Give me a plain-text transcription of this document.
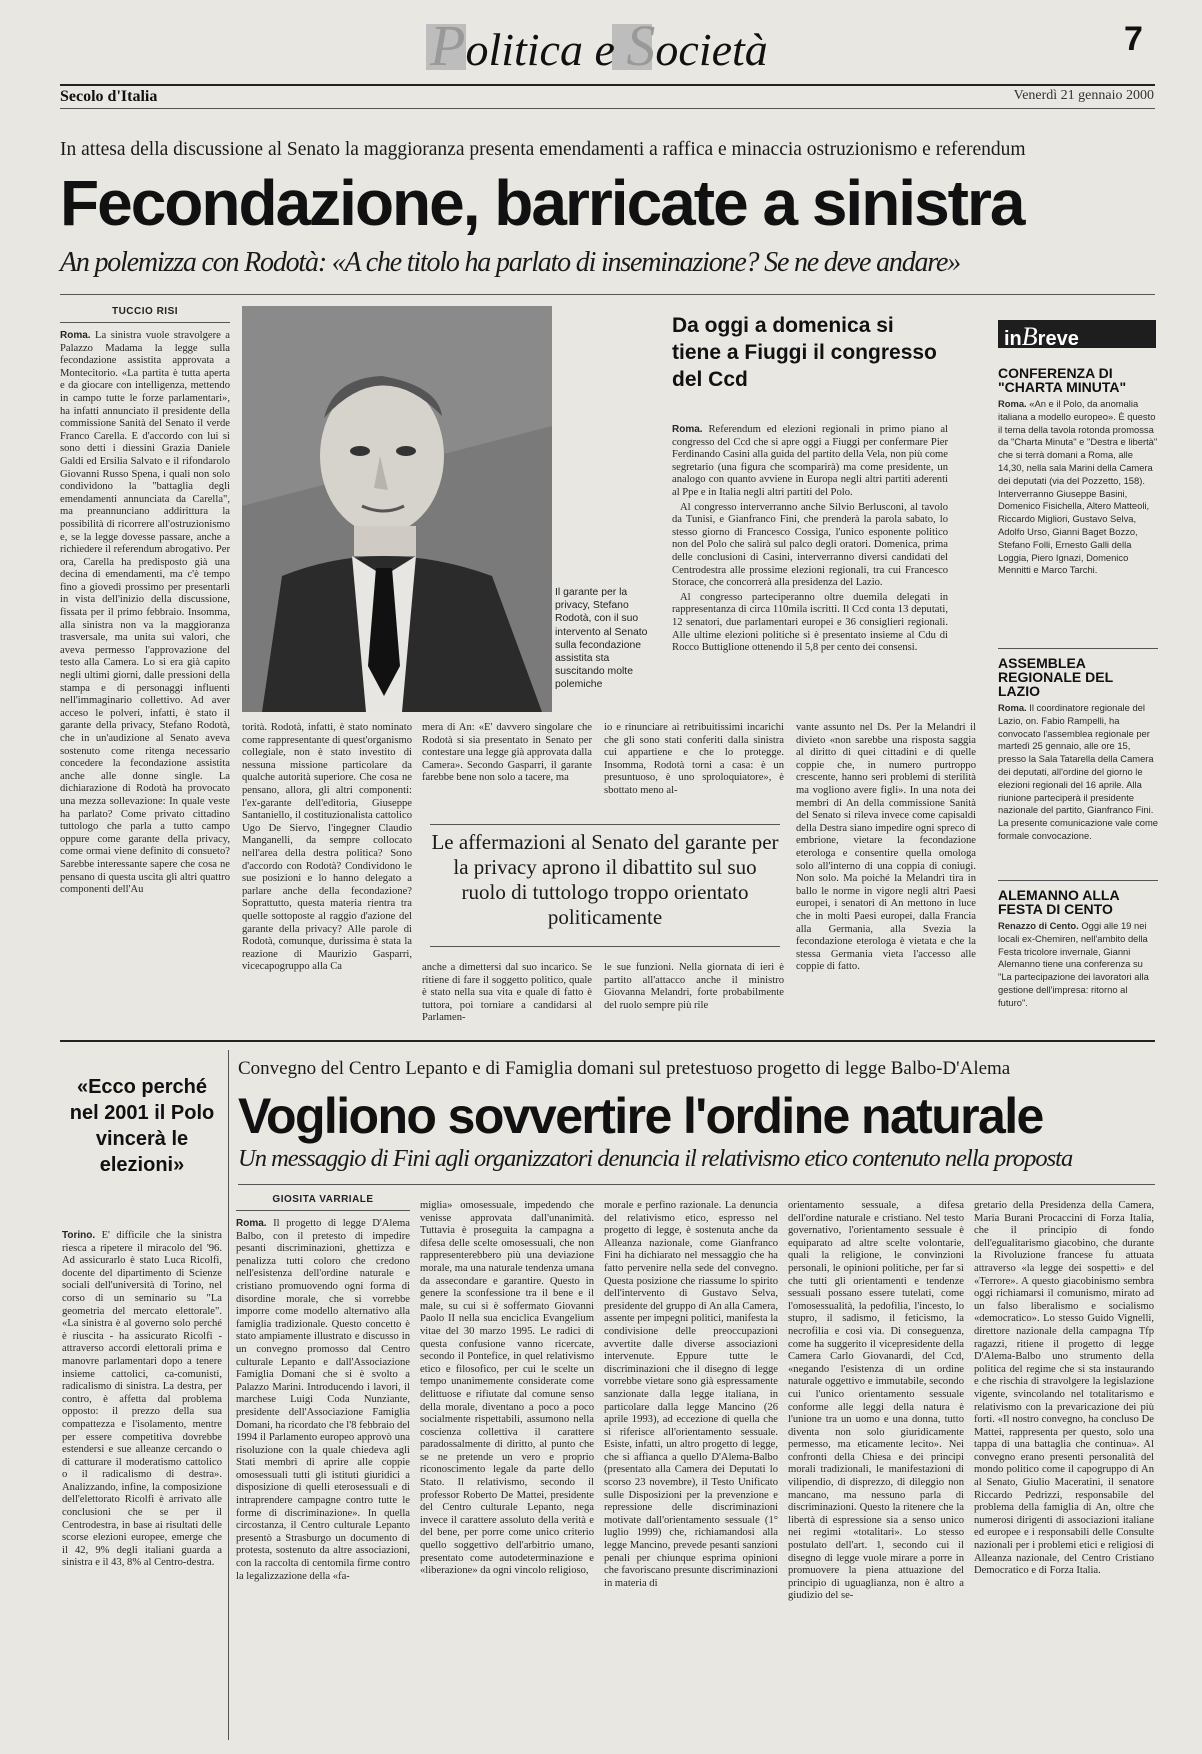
Politica e Società	7
Secolo d'Italia	Venerdì 21 gennaio 2000
In attesa della discussione al Senato la maggioranza presenta emendamenti a raffica e minaccia ostruzionismo e referendum
Fecondazione, barricate a sinistra
An polemizza con Rodotà: «A che titolo ha parlato di inseminazione? Se ne deve andare»
TUCCIO RISI
Roma. La sinistra vuole stravolgere a Palazzo Madama la legge sulla fecondazione assistita approvata a Montecitorio. «La partita è tutta aperta e da giocare con intelligenza, mettendo in campo tutte le forze parlamentari», ha infatti annunciato il presidente della commissione Sanità del Senato il verde Franco Carella. E d'accordo con lui si sono detti i diessini Grazia Daniele Galdi ed Ersilia Salvato e il rifondarolo Giovanni Russo Spena, i quali non solo condividono la "battaglia degli emendamenti annunciata da Carella", ma preannunciano addirittura la possibilità di ricorrere all'ostruzionismo e, se la legge dovesse passare, anche a richiedere il referendum abrogativo. Per ora, Carella ha predisposto già una decina di emendamenti, ma c'è tempo fino a giovedì prossimo per presentarli in vista dell'inizio della discussione, fissata per il primo febbraio. Insomma, alla sinistra non va la maggioranza trasversale, ma unita sui valori, che aveva permesso l'approvazione del testo alla Camera. Lo si era già capito negli ultimi giorni, dalle pressioni della stampa e di personaggi influenti nell'immaginario collettivo. Ad aver acceso le polveri, infatti, è stato il garante della privacy, Stefano Rodotà, che in un'audizione al Senato aveva sostenuto come ritenga necessario concedere la fecondazione assistita anche alle donne single. La dichiarazione di Rodotà ha provocato una mezza sollevazione: In quale veste ha parlato? Come privato cittadino tuttologo che parla a tutto campo oppure come garante della privacy, come ormai viene definito di consueto? Sarebbe interessante sapere che cosa ne pensano di questa uscita gli altri quattro componenti dell'Au
Il garante per la privacy, Stefano Rodotà, con il suo intervento al Senato sulla fecondazione assistita sta suscitando molte polemiche
Da oggi a domenica si tiene a Fiuggi il congresso del Ccd

Roma. Referendum ed elezioni regionali in primo piano al congresso del Ccd che si apre oggi a Fiuggi per confermare Pier Ferdinando Casini alla guida del partito della Vela, non più come segretario (una figura che scomparirà) ma come presidente, un analogo con quanto avviene in Europa negli altri partiti aderenti al Ppe e in Italia negli altri partiti del Polo.

Al congresso interverranno anche Silvio Berlusconi, al tavolo da Tunisi, e Gianfranco Fini, che prenderà la parola sabato, lo stesso giorno di Francesco Cossiga, l'unico esponente politico non del Polo che salirà sul palco degli oratori. Domenica, prima delle conclusioni di Casini, interverranno diversi candidati del Centrodestra alle prossime elezioni regionali, tra cui Francesco Storace, che concorrerà alla presidenza del Lazio.

Al congresso parteciperanno oltre duemila delegati in rappresentanza di circa 110mila iscritti. Il Ccd conta 13 deputati, 12 senatori, due parlamentari europei e 36 consiglieri regionali. Alle ultime elezioni politiche si è presentato insieme al Cdu di Rocco Buttiglione ottenendo il 5,8 per cento dei consensi.

inBreve
CONFERENZA DI "CHARTA MINUTA"
Roma. «An e il Polo, da anomalia italiana a modello europeo». È questo il tema della tavola rotonda promossa da "Charta Minuta" e "Destra e libertà" che si terrà domani a Roma, alle 14,30, nella sala Marini della Camera dei deputati (via del Pozzetto, 158). Interverranno Giuseppe Basini, Domenico Fisichella, Altero Matteoli, Riccardo Migliori, Gustavo Selva, Adolfo Urso, Gianni Baget Bozzo, Stefano Folli, Ernesto Galli della Loggia, Piero Ignazi, Domenico Mennitti e Marco Tarchi.
ASSEMBLEA REGIONALE DEL LAZIO
Roma. Il coordinatore regionale del Lazio, on. Fabio Rampelli, ha convocato l'assemblea regionale per martedì 25 gennaio, alle ore 15, presso la Sala Tatarella della Camera dei deputati, all'ordine del giorno le elezioni regionali del 16 aprile. Alla riunione parteciperà il presidente nazionale del partito, Gianfranco Fini. La presente comunicazione vale come formale convocazione.
ALEMANNO ALLA FESTA DI CENTO
Renazzo di Cento. Oggi alle 19 nei locali ex-Chemiren, nell'ambito della Festa tricolore invernale, Gianni Alemanno tiene una conferenza su "La partecipazione dei lavoratori alla gestione dell'impresa: ritorno al futuro".
torità. Rodotà, infatti, è stato nominato come rappresentante di quest'organismo collegiale, non è stato investito di nessuna missione particolare da qualche autorità superiore. Che cosa ne pensano, allora, gli altri componenti: l'ex-garante dell'editoria, Giuseppe Santaniello, il costituzionalista cattolico Ugo De Siervo, l'ingegner Claudio Manganelli, da sempre collocato nell'area della destra politica? Sono d'accordo con Rodotà? Condividono le sue posizioni e lo hanno delegato a parlare anche della fecondazione? Soprattutto, questa materia rientra tra quelle sottoposte al raggio d'azione del garante della privacy? Alle parole di Rodotà, comunque, durissima è stata la reazione di Maurizio Gasparri, vicecapogruppo alla Ca
mera di An: «E' davvero singolare che Rodotà si sia presentato in Senato per contestare una legge già approvata dalla Camera». Secondo Gasparri, il garante farebbe bene non solo a tacere, ma
io e rinunciare ai retribuitissimi incarichi che gli sono stati conferiti dalla sinistra cui appartiene e che lo protegge. Insomma, Rodotà torni a casa: è un presuntuoso, è uno sproloquiatore», è sbottato meno al-
vante assunto nel Ds. Per la Melandri il divieto «non sarebbe una risposta saggia al diritto di quei cittadini e di quelle coppie che, in numero purtroppo crescente, hanno seri problemi di sterilità ma vogliono avere figli». In una nota dei membri di An della commissione Sanità del Senato si rileva invece come capisaldi della Destra siano impedire ogni spreco di embrione, vietare la fecondazione eterologa e consentire quella omologa solo all'interno di una coppia di coniugi. Non solo. Ma poiché la Melandri tira in ballo le norme in vigore negli altri Paesi europei, i senatori di An mettono in luce che in molti Paesi europei, dalla Francia alla Germania, alla Svezia la fecondazione eterologa è vietata e che la stessa Germania vieta l'accesso alle coppie di fatto.
Le affermazioni al Senato del garante per la privacy aprono il dibattito sul suo ruolo di tuttologo troppo orientato politicamente
anche a dimettersi dal suo incarico. Se ritiene di fare il soggetto politico, quale è stato nella sua vita e quale di fatto è tuttora, poi torniare a candidarsi al Parlamen-
le sue funzioni. Nella giornata di ieri è partito all'attacco anche il ministro Giovanna Melandri, forte probabilmente del ruolo sempre più rile
«Ecco perché nel 2001 il Polo vincerà le elezioni»
Torino. E' difficile che la sinistra riesca a ripetere il miracolo del '96. Ad assicurarlo è stato Luca Ricolfi, docente del dipartimento di Scienze sociali dell'università di Torino, nel corso di un seminario su "La geometria del mercato elettorale". «La sinistra è al governo solo perché è riuscita - ha assicurato Ricolfi - attraverso accordi elettorali prima e manovre parlamentari dopo a tenere insieme cattolici, ca-comunisti, radicalismo di sinistra. La destra, per contro, è affetta dal problema opposto: il prezzo della sua compattezza e l'isolamento, mentre per essere competitiva dovrebbe estendersi e sue alleanze cercando o di catturare il moderatismo cattolico o il radicalismo di destra». Analizzando, infine, la composizione dell'elettorato Ricolfi è arrivato alle conclusioni che se per il Centrodestra, in base ai risultati delle scorse elezioni europee, emerge che il 42, 9% degli italiani guarda a sinistra e il 43, 8% al Centro-destra.
Convegno del Centro Lepanto e di Famiglia domani sul pretestuoso progetto di legge Balbo-D'Alema
Vogliono sovvertire l'ordine naturale
Un messaggio di Fini agli organizzatori denuncia il relativismo etico contenuto nella proposta
GIOSITA VARRIALE
Roma. Il progetto di legge D'Alema Balbo, con il pretesto di impedire pesanti discriminazioni, ghettizza e penalizza tutti coloro che credono nell'esistenza dell'ordine naturale e cristiano promuovendo ogni forma di disordine morale, che si vorrebbe imporre come modello alternativo alla famiglia tradizionale. Questo concetto è stato ampiamente illustrato e discusso in un convegno promosso dal Centro culturale Lepanto e dall'Associazione Famiglia Domani che si è svolto a Palazzo Marini. Introducendo i lavori, il marchese Luigi Coda Nunziante, presidente dell'Associazione Famiglia Domani, ha ricordato che l'8 febbraio del 1994 il Parlamento europeo approvò una risoluzione con la quale chiedeva agli Stati membri di aprire alle coppie omosessuali tutti gli istituti giuridici a disposizione di quelli eterosessuali e di intraprendere campagne contro tutte le forme di discriminazione». In quella circostanza, il Centro culturale Lepanto presentò a Strasburgo un documento di protesta, sostenuto da altre associazioni, con la raccolta di centomila firme contro la legalizzazione della «fa-
miglia» omosessuale, impedendo che venisse approvata dall'unanimità. Tuttavia è proseguita la campagna a difesa delle scelte omosessuali, che non rappresenterebbero più una deviazione morale, ma una naturale tendenza umana da assecondare e garantire. Questo in genere la sconfessione tra il bene e il male, su cui si è soffermato Giovanni Paolo II nella sua enciclica Evangelium vitae del 30 marzo 1995. Le radici di questa confusione vanno ricercate, secondo il Pontefice, in quel relativismo etico e filosofico, per cui le scelte un tempo unanimemente considerate come delittuose e rifiutate dal comune senso della morale, diventano a poco a poco socialmente rispettabili, assumono nella coscienza collettiva il carattere paradossalmente di diritto, al punto che se ne pretende un vero e proprio riconoscimento legale da parte dello Stato. Il relativismo, secondo il professor Roberto De Mattei, presidente del Centro culturale Lepanto, nega invece il carattere assoluto della verità e del bene, per porre come unico criterio quello soggettivo dell'arbitrio umano, presentato come autodeterminazione e «liberazione» da ogni vincolo religioso,
morale e perfino razionale. La denuncia del relativismo etico, espresso nel progetto di legge, è sostenuta anche da Alleanza nazionale, come Gianfranco Fini ha dichiarato nel messaggio che ha fatto pervenire nella sede del convegno. Questa posizione che riassume lo spirito dell'intervento di Gustavo Selva, presidente del gruppo di An alla Camera, assente per impegni politici, manifesta la condivisione delle preoccupazioni avvertite dalle diverse associazioni intervenute. Eppure tutte le discriminazioni che il disegno di legge vorrebbe vietare sono già espressamente sanzionate dalla legge italiana, in particolare dalla legge Mancino (26 aprile 1993), ad eccezione di quella che si riferisce all'orientamento sessuale. Esiste, infatti, un altro progetto di legge, che si affianca a quello D'Alema-Balbo (presentato alla Camera dei Deputati lo scorso 23 novembre), il Testo Unificato sulle Disposizioni per la prevenzione e repressione delle discriminazioni motivate dall'orientamento sessuale (1° luglio 1999) che, richiamandosi alla legge Mancino, prevede pesanti sanzioni penali per chiunque esprima opinioni che favoriscano presunte discriminazioni in materia di
orientamento sessuale, a difesa dell'ordine naturale e cristiano. Nel testo governativo, l'orientamento sessuale è equiparato ad altre scelte volontarie, quali la religione, le convinzioni personali, le opinioni politiche, per far sì che tutti gli orientamenti e tendenze sessuali possano essere tutelati, come l'omosessualità, la pedofilia, l'incesto, lo stupro, il sadismo, il feticismo, la necrofilia e così via. Di conseguenza, come ha suggerito il vicepresidente della Camera Carlo Giovanardi, del Ccd, «negando l'esistenza di un ordine naturale oggettivo e immutabile, secondo cui l'unico orientamento sessuale conforme alle leggi della natura è l'unione tra un uomo e una donna, tutto diventa non solo giuridicamente permesso, ma eticamente lecito». Nei confronti della Chiesa e dei principi morali tradizionali, le manifestazioni di vilipendio, di disprezzo, di dileggio non mancano, ma nessuno parla di discriminazioni. Questo la ritenere che la libertà di espressione sia a senso unico nei regimi «totalitari». Lo stesso postulato dell'art. 1, secondo cui il disegno di legge vuole mirare a porre in promuovere la piena attuazione del principio di uguaglianza, non è altro a giudizio del se-
gretario della Presidenza della Camera, Maria Burani Procaccini di Forza Italia, che il principio di fondo dell'egualitarismo giacobino, che durante la Rivoluzione francese fu attuata attraverso «la legge dei sospetti» e del «Terrore». A questo giacobinismo sembra oggi richiamarsi il comunismo, mirato ad un falso liberalismo e socialismo «democratico». Lo stesso Guido Vignelli, direttore nazionale della campagna Tfp ragazzi, ritiene il progetto di legge D'Alema-Balbo uno strumento della politica del regime che si sta instaurando e che rischia di stravolgere la legislazione vigente, svincolando nel totalitarismo e relativismo con la prevaricazione dei più forti. «Il nostro convegno, ha concluso De Mattei, rappresenta per questo, solo una tappa di una battaglia che continua». Al convegno erano presenti personalità del mondo politico come il capogruppo di An al Senato, Giulio Maceratini, il senatore Riccardo Pedrizzi, responsabile del problema della famiglia di An, oltre che numerosi dirigenti di associazioni italiane ed europee e i responsabili delle Consulte nazionali per i problemi etici e religiosi di Alleanza nazionale, del Centro Cristiano Democratico e di Forza Italia.
